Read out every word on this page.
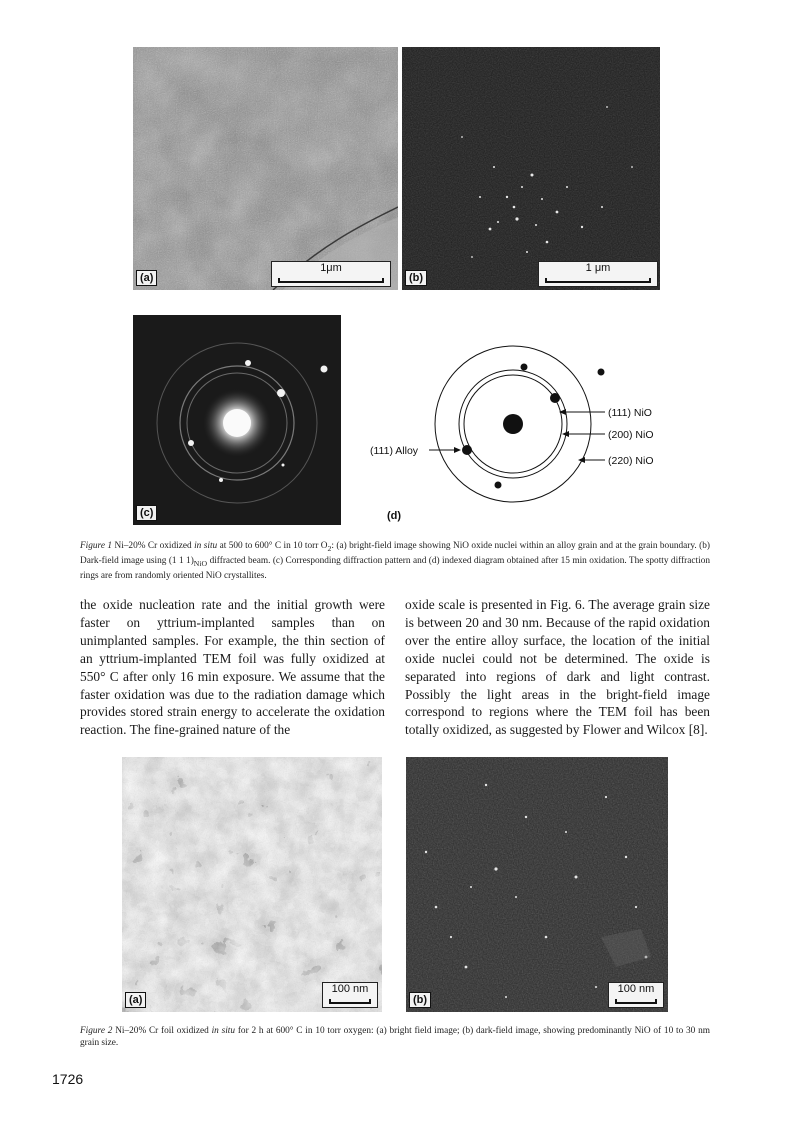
(a)
1μm
(b)
1 μm
(c)
(111) NiO
(200) NiO
(220) NiO
(111) Alloy
(d)
Figure 1 Ni–20% Cr oxidized in situ at 500 to 600° C in 10 torr $O_2$: (a) bright-field image showing NiO oxide nuclei within an alloy grain and at the grain boundary. (b) Dark-field image using (1 1 $1)_{NiO}$ diffracted beam. (c) Corresponding diffraction pattern and (d) indexed diagram obtained after 15 min oxidation. The spotty diffraction rings are from randomly oriented NiO crystallites.

the oxide nucleation rate and the initial growth were faster on yttrium-implanted samples than on unimplanted samples. For example, the thin section of an yttrium-implanted TEM foil was fully oxidized at 550° C after only 16 min exposure. We assume that the faster oxidation was due to the radiation damage which provides stored strain energy to accelerate the oxidation reaction. The fine-grained nature of the

oxide scale is presented in Fig. 6. The average grain size is between 20 and 30 nm. Because of the rapid oxidation over the entire alloy surface, the location of the initial oxide nuclei could not be determined. The oxide is separated into regions of dark and light contrast. Possibly the light areas in the bright-field image correspond to regions where the TEM foil has been totally oxidized, as suggested by Flower and Wilcox [8].

(a)
100 nm
(b)
100 nm
Figure 2 Ni–20% Cr foil oxidized in situ for 2 h at 600° C in 10 torr oxygen: (a) bright field image; (b) dark-field image, showing predominantly NiO of 10 to 30 nm grain size.
1726
